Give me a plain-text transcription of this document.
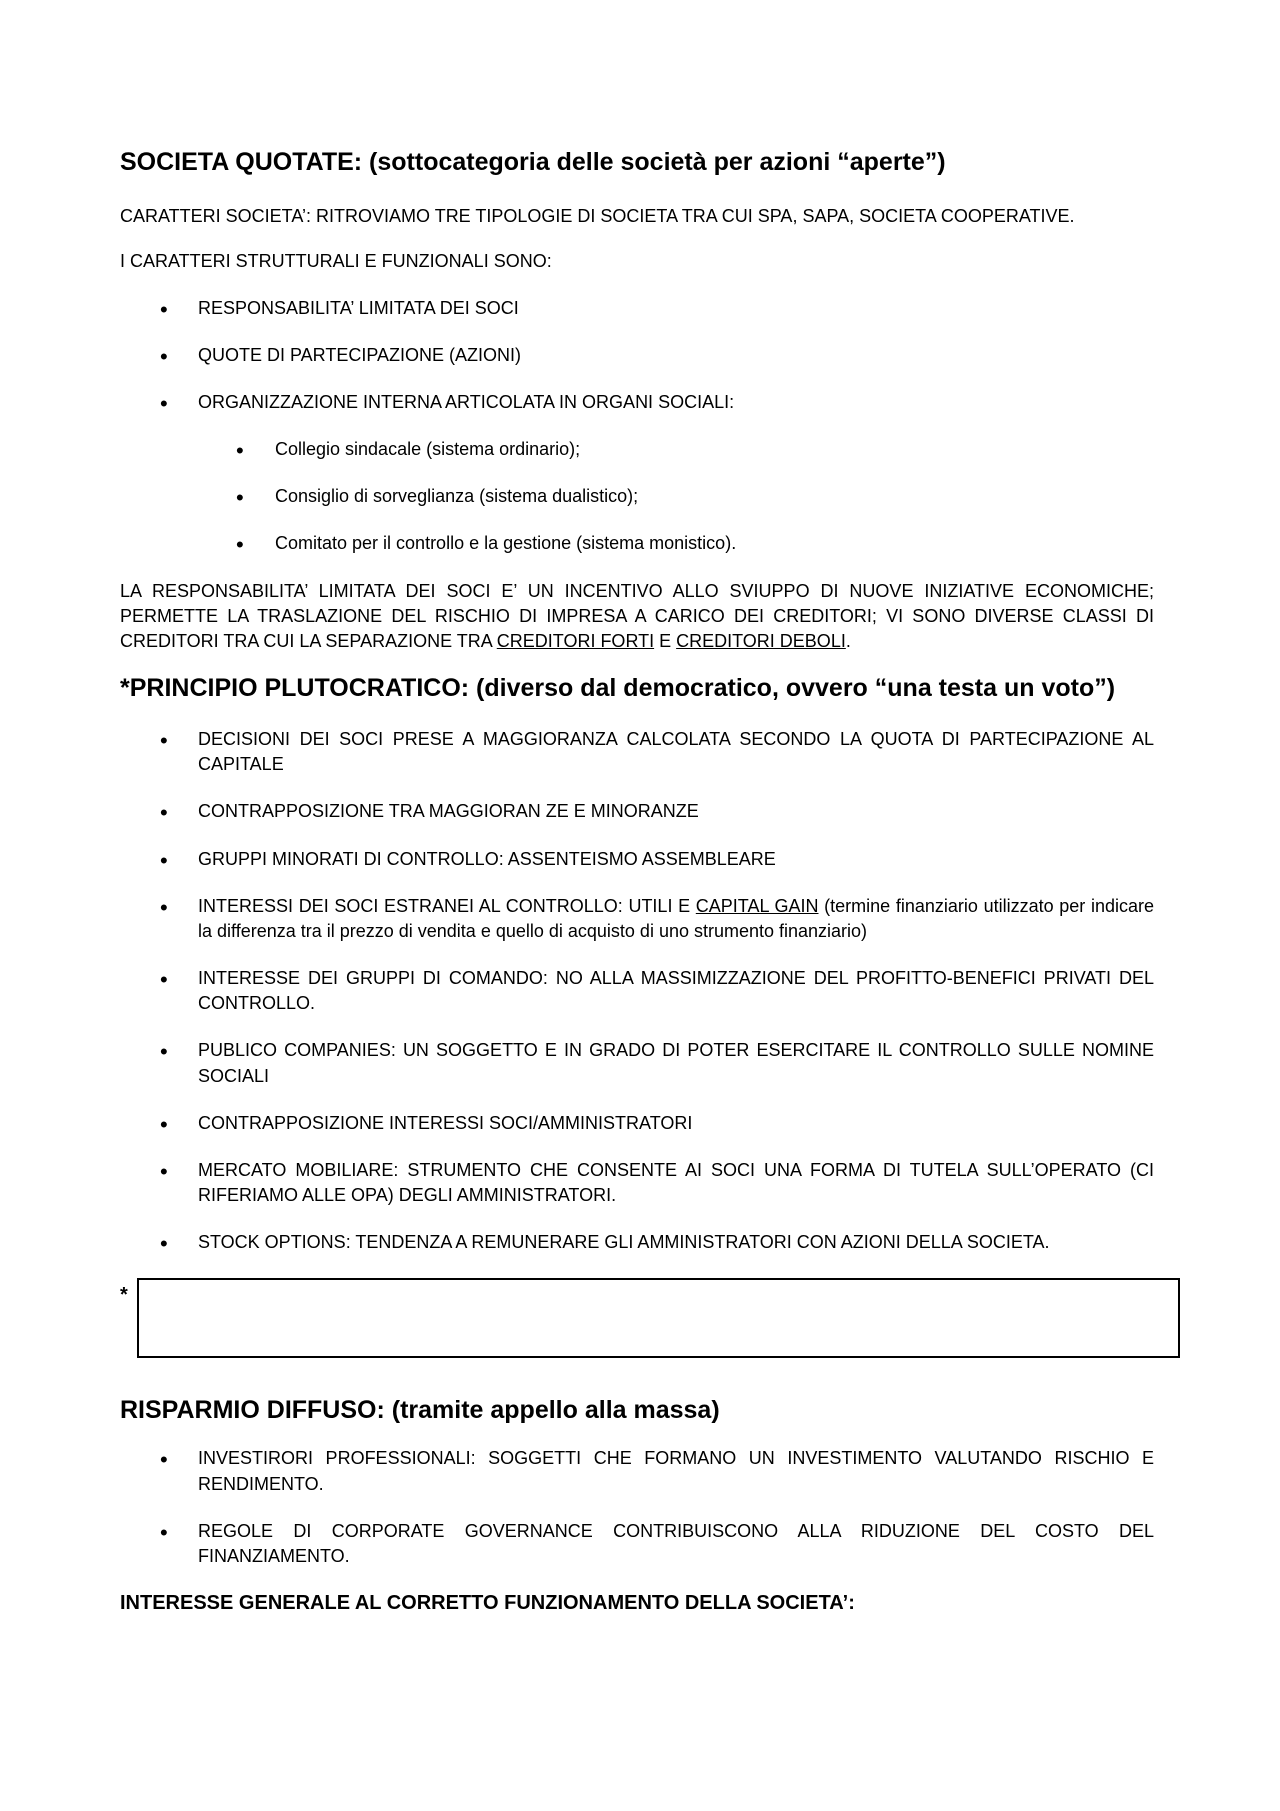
SOCIETA QUOTATE: (sottocategoria delle società per azioni “aperte”)

CARATTERI SOCIETA’: RITROVIAMO TRE TIPOLOGIE DI SOCIETA TRA CUI SPA, SAPA, SOCIETA COOPERATIVE.

I CARATTERI STRUTTURALI E FUNZIONALI SONO:

• RESPONSABILITA’ LIMITATA DEI SOCI
• QUOTE DI PARTECIPAZIONE (AZIONI)
• ORGANIZZAZIONE INTERNA ARTICOLATA IN ORGANI SOCIALI:
• Collegio sindacale (sistema ordinario);
• Consiglio di sorveglianza (sistema dualistico);
• Comitato per il controllo e la gestione (sistema monistico).

LA RESPONSABILITA’ LIMITATA DEI SOCI E’ UN INCENTIVO ALLO SVIUPPO DI NUOVE INIZIATIVE ECONOMICHE; PERMETTE LA TRASLAZIONE DEL RISCHIO DI IMPRESA A CARICO DEI CREDITORI; VI SONO DIVERSE CLASSI DI CREDITORI TRA CUI LA SEPARAZIONE TRA CREDITORI FORTI E CREDITORI DEBOLI.

*PRINCIPIO PLUTOCRATICO: (diverso dal democratico, ovvero “una testa un voto”)
• DECISIONI DEI SOCI PRESE A MAGGIORANZA CALCOLATA SECONDO LA QUOTA DI PARTECIPAZIONE AL CAPITALE
• CONTRAPPOSIZIONE TRA MAGGIORAN ZE E MINORANZE
• GRUPPI MINORATI DI CONTROLLO: ASSENTEISMO ASSEMBLEARE
• INTERESSI DEI SOCI ESTRANEI AL CONTROLLO: UTILI E CAPITAL GAIN (termine finanziario utilizzato per indicare la differenza tra il prezzo di vendita e quello di acquisto di uno strumento finanziario)
• INTERESSE DEI GRUPPI DI COMANDO: NO ALLA MASSIMIZZAZIONE DEL PROFITTO-BENEFICI PRIVATI DEL CONTROLLO.
• PUBLICO COMPANIES: UN SOGGETTO E IN GRADO DI POTER ESERCITARE IL CONTROLLO SULLE NOMINE SOCIALI
• CONTRAPPOSIZIONE INTERESSI SOCI/AMMINISTRATORI
• MERCATO MOBILIARE: STRUMENTO CHE CONSENTE AI SOCI UNA FORMA DI TUTELA SULL’OPERATO (CI RIFERIAMO ALLE OPA) DEGLI AMMINISTRATORI.
• STOCK OPTIONS: TENDENZA A REMUNERARE GLI AMMINISTRATORI CON AZIONI DELLA SOCIETA.
*
RISPARMIO DIFFUSO: (tramite appello alla massa)
• INVESTIRORI PROFESSIONALI: SOGGETTI CHE FORMANO UN INVESTIMENTO VALUTANDO RISCHIO E RENDIMENTO.
• REGOLE DI CORPORATE GOVERNANCE CONTRIBUISCONO ALLA RIDUZIONE DEL COSTO DEL FINANZIAMENTO.
INTERESSE GENERALE AL CORRETTO FUNZIONAMENTO DELLA SOCIETA’:
